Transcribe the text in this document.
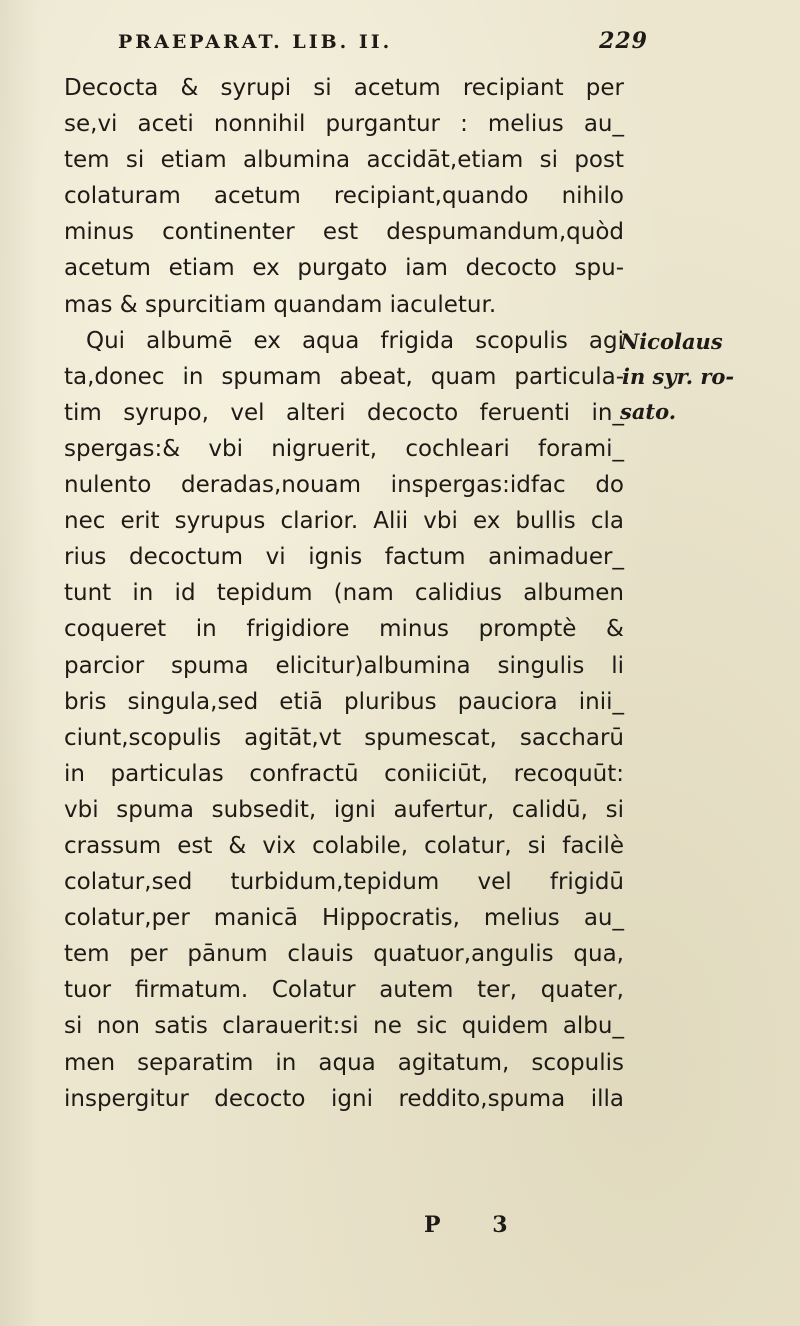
PRAEPARAT. LIB. II.	229
Decocta & syrupi si acetum recipiant per
se,vi aceti nonnihil purgantur : melius au_
tem si etiam albumina accidāt,etiam si post
colaturam acetum recipiant,quando nihilo
minus continenter est despumandum,quòd
acetum etiam ex purgato iam decocto spu-
mas & spurcitiam quandam iaculetur.
Qui albumē ex aqua frigida scopulis agi
ta,donec in spumam abeat, quam particula-
tim syrupo, vel alteri decocto feruenti in_
spergas:& vbi nigruerit, cochleari forami_
nulento deradas,nouam inspergas:idfac do
nec erit syrupus clarior. Alii vbi ex bullis cla
rius decoctum vi ignis factum animaduer_
tunt in id tepidum (nam calidius albumen
coqueret in frigidiore minus promptè &
parcior spuma elicitur)albumina singulis li
bris singula,sed etiā pluribus pauciora inii_
ciunt,scopulis agitāt,vt spumescat, saccharū
in particulas confractū coniiciūt, recoquūt:
vbi spuma subsedit, igni aufertur, calidū, si
crassum est & vix colabile, colatur, si facilè
colatur,sed turbidum,tepidum vel frigidū
colatur,per manicā Hippocratis, melius au_
tem per pānum clauis quatuor,angulis qua,
tuor firmatum. Colatur autem ter, quater,
si non satis clarauerit:si ne sic quidem albu_
men separatim in aqua agitatum, scopulis
inspergitur decocto igni reddito,spuma illa
Nicolaus
in syr. ro-
sato.
P 3
